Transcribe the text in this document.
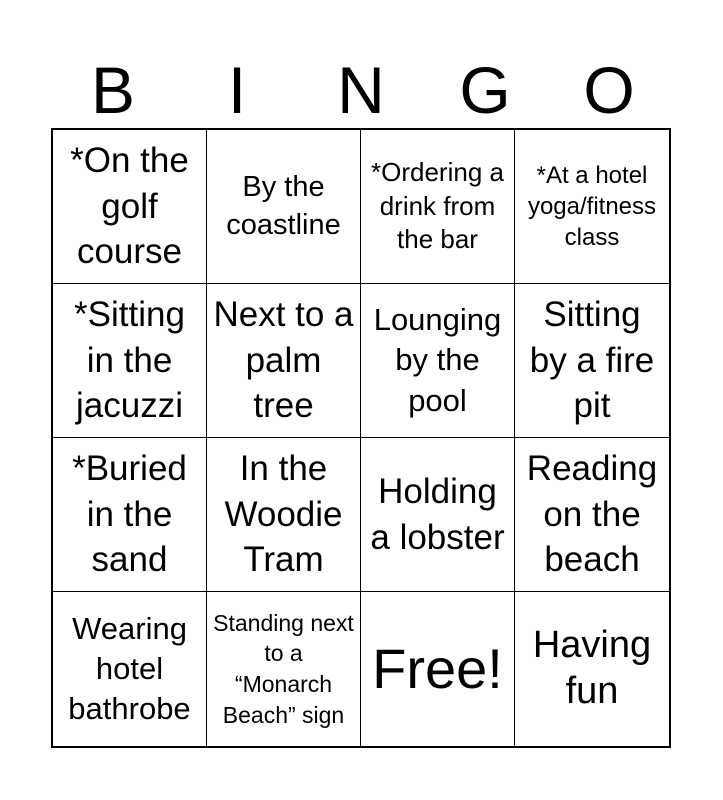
B	I	N	G	O
*On the golf course
By the coastline
*Ordering a drink from the bar
*At a hotel yoga/fitness class
*Sitting in the jacuzzi
Next to a palm tree
Lounging by the pool
Sitting by a fire pit
*Buried in the sand
In the Woodie Tram
Holding a lobster
Reading on the beach
Wearing hotel bathrobe
Standing next to a “Monarch Beach” sign
Free! Having fun
